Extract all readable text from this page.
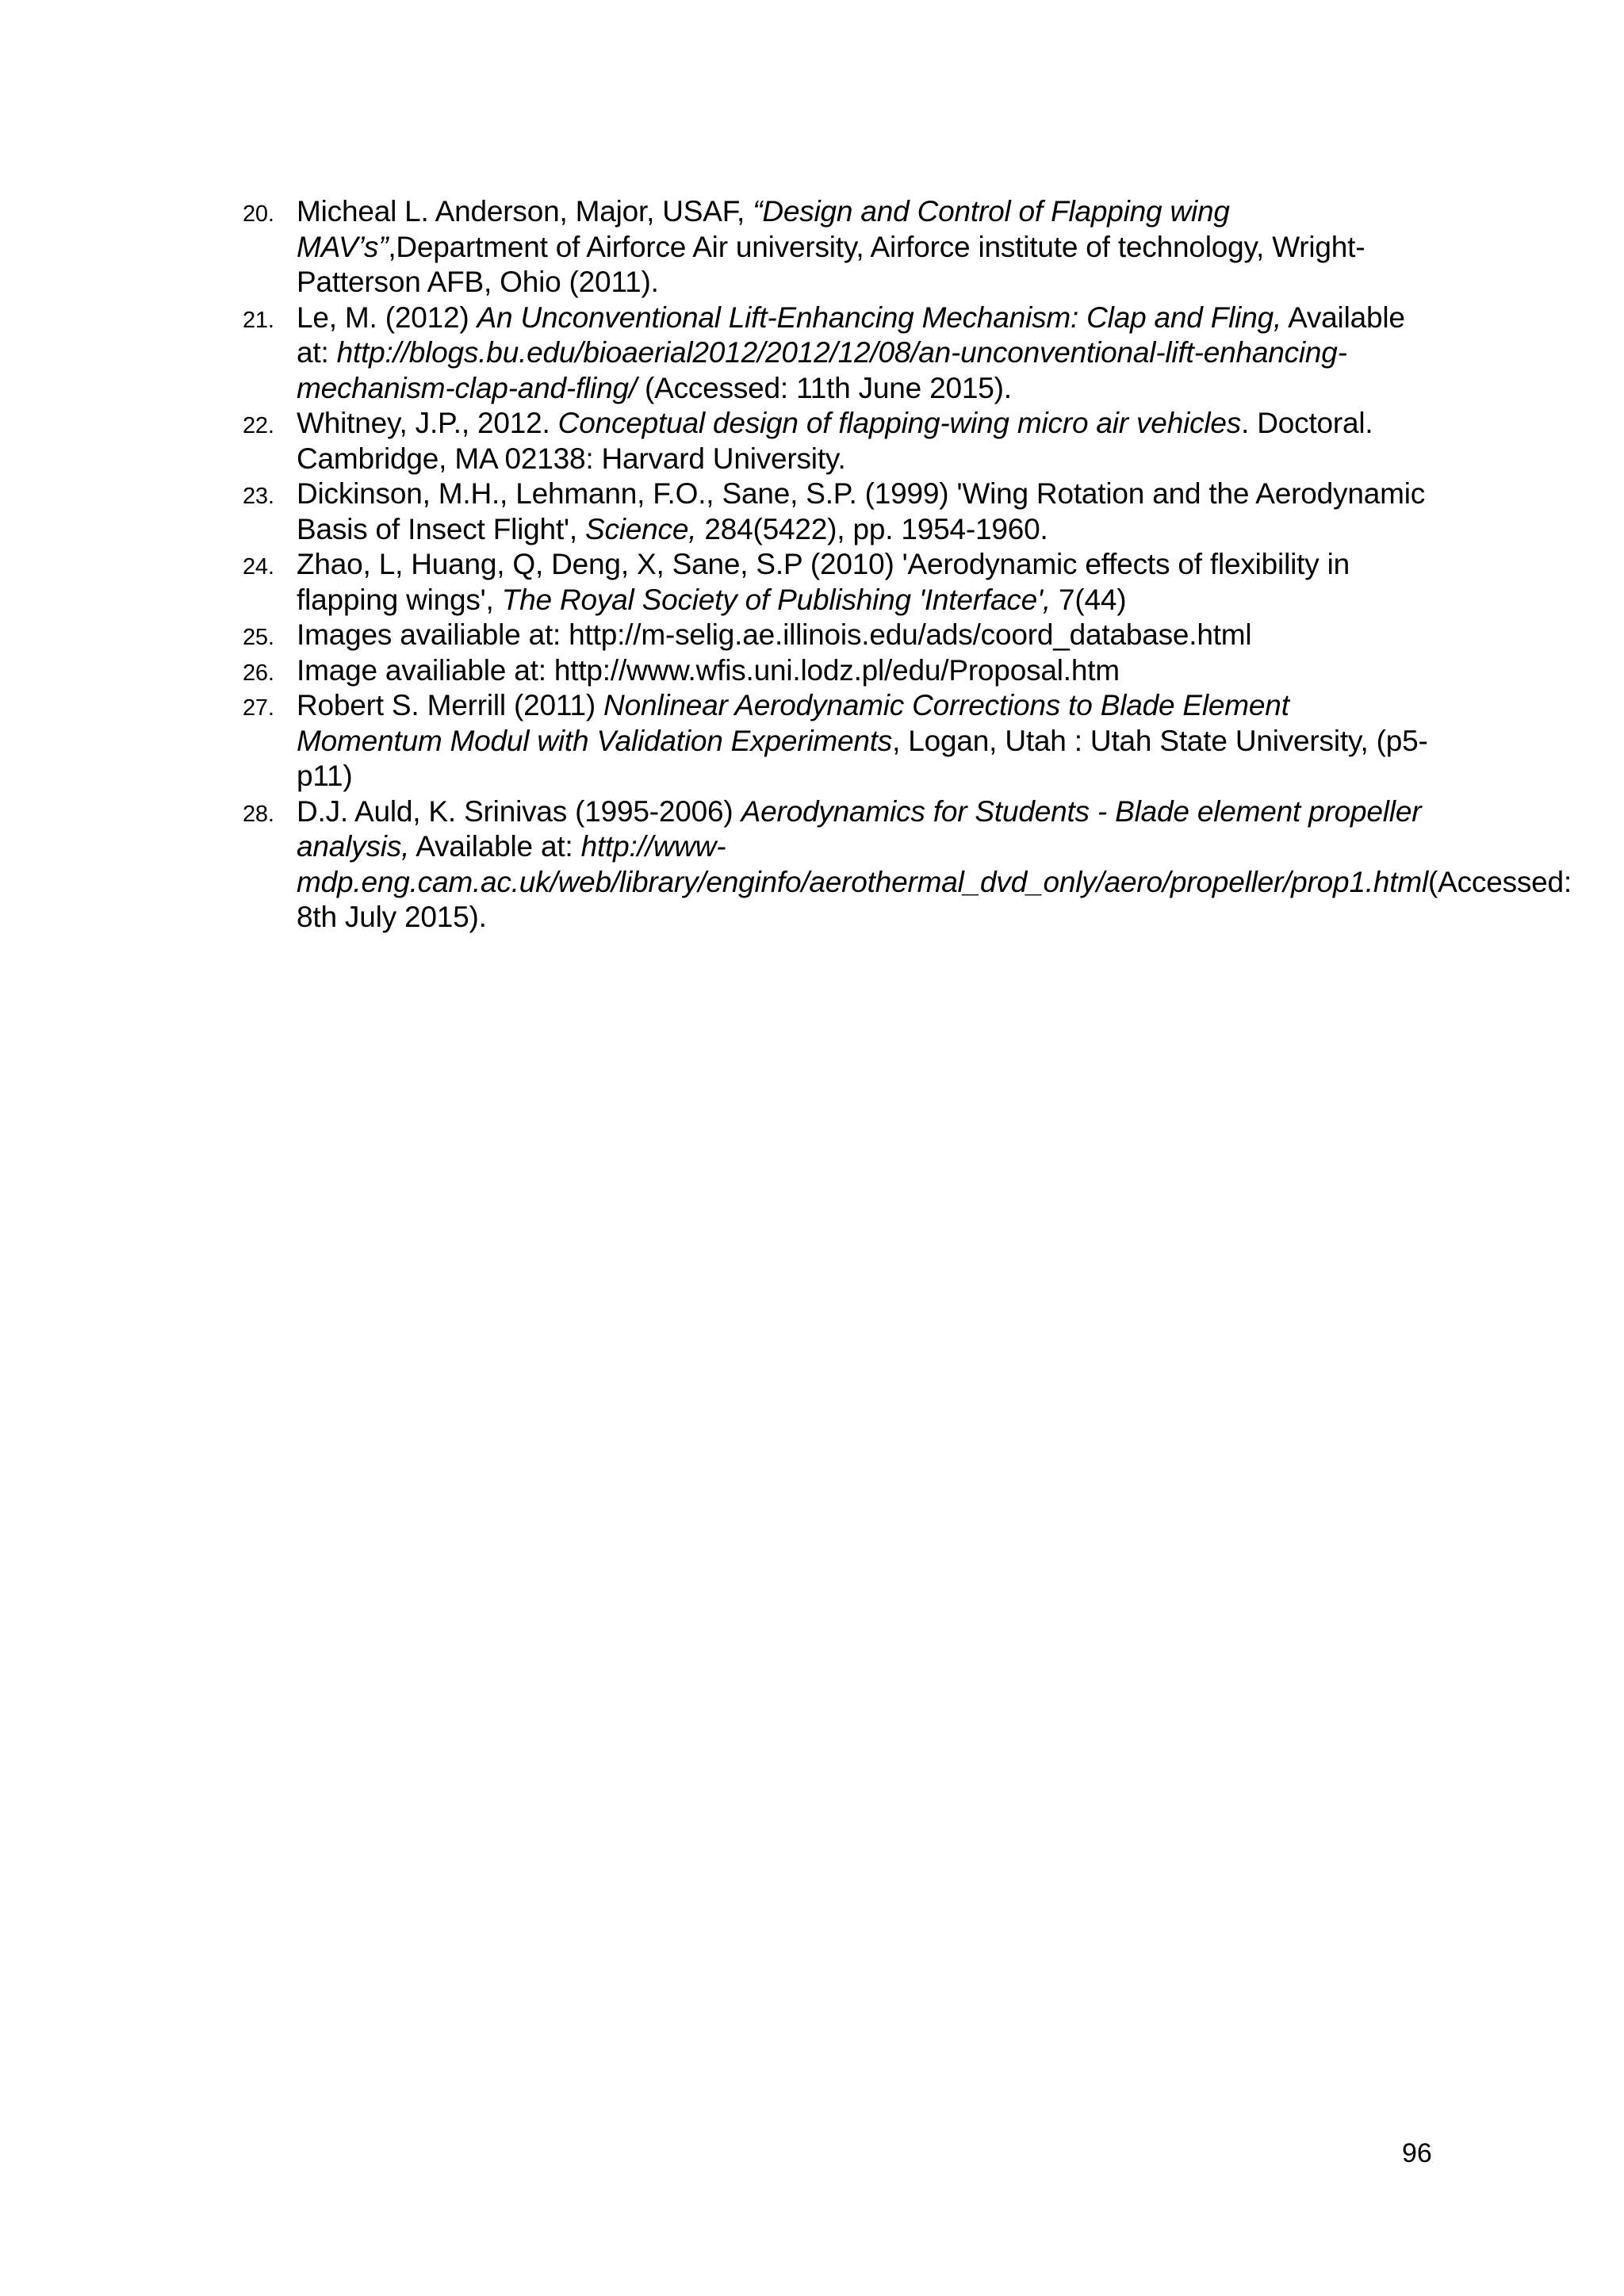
20. Micheal L. Anderson, Major, USAF, “Design and Control of Flapping wing MAV’s”,Department of Airforce Air university, Airforce institute of technology, Wright-Patterson AFB, Ohio (2011).
21. Le, M. (2012) An Unconventional Lift-Enhancing Mechanism: Clap and Fling, Available at: http://blogs.bu.edu/bioaerial2012/2012/12/08/an-unconventional-lift-enhancing-mechanism-clap-and-fling/ (Accessed: 11th June 2015).
22. Whitney, J.P., 2012. Conceptual design of flapping-wing micro air vehicles. Doctoral. Cambridge, MA 02138: Harvard University.
23. Dickinson, M.H., Lehmann, F.O., Sane, S.P. (1999) 'Wing Rotation and the Aerodynamic Basis of Insect Flight', Science, 284(5422), pp. 1954-1960.
24. Zhao, L, Huang, Q, Deng, X, Sane, S.P (2010) 'Aerodynamic effects of flexibility in flapping wings', The Royal Society of Publishing 'Interface', 7(44)
25. Images availiable at: http://m-selig.ae.illinois.edu/ads/coord_database.html
26. Image availiable at: http://www.wfis.uni.lodz.pl/edu/Proposal.htm
27. Robert S. Merrill (2011) Nonlinear Aerodynamic Corrections to Blade Element Momentum Modul with Validation Experiments, Logan, Utah : Utah State University, (p5-p11)
28. D.J. Auld, K. Srinivas (1995-2006) Aerodynamics for Students - Blade element propeller analysis, Available at: http://www-mdp.eng.cam.ac.uk/web/library/enginfo/aerothermal_dvd_only/aero/propeller/prop1.html(Accessed: 8th July 2015).
96
